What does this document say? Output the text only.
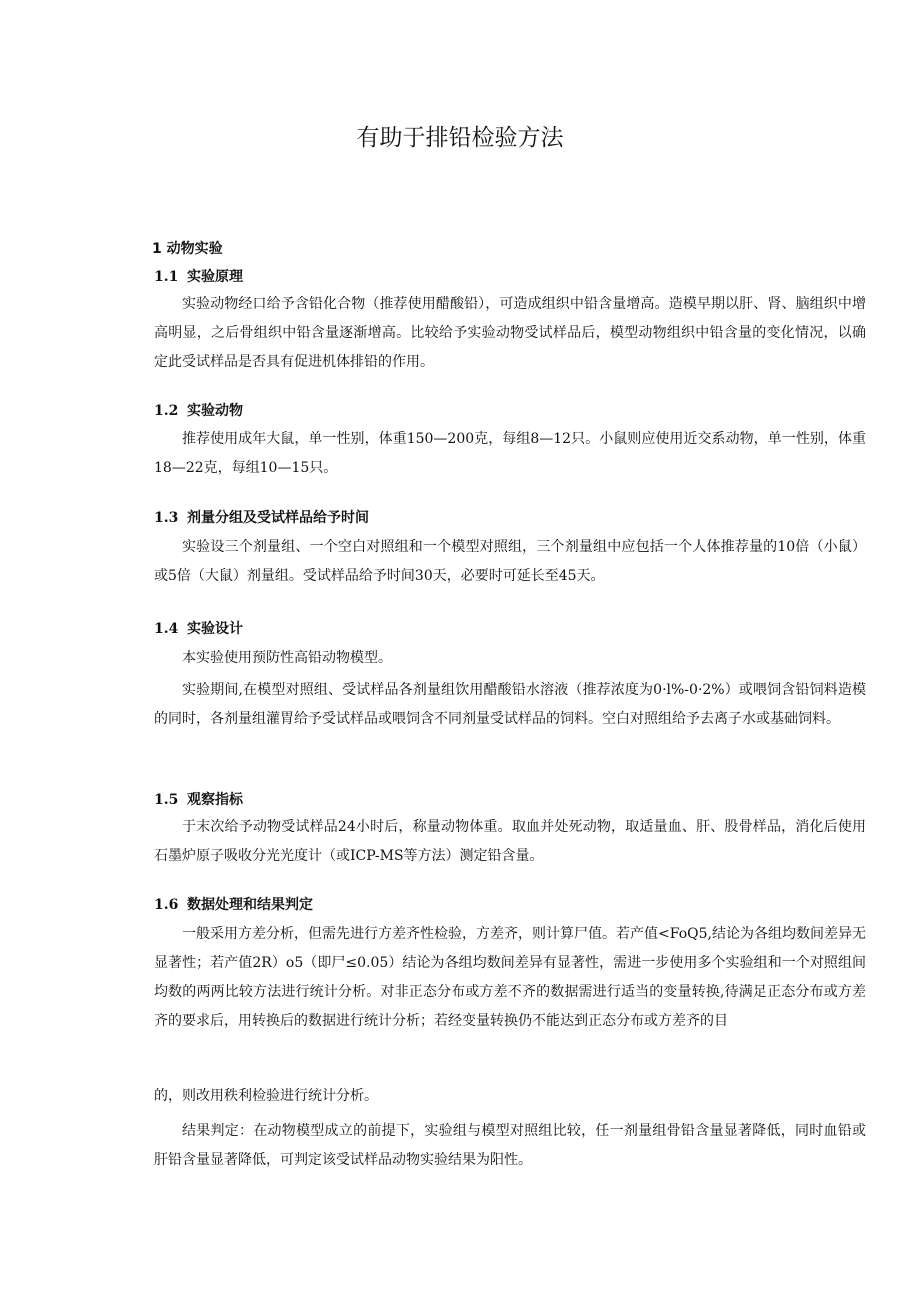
有助于排铅检验方法
1 动物实验
1.1 实验原理
实验动物经口给予含铅化合物（推荐使用醋酸铅），可造成组织中铅含量增高。造模早期以肝、肾、脑组织中增高明显，之后骨组织中铅含量逐渐增高。比较给予实验动物受试样品后，模型动物组织中铅含量的变化情况，以确定此受试样品是否具有促进机体排铅的作用。
1.2 实验动物
推荐使用成年大鼠，单一性别，体重150—200克，每组8—12只。小鼠则应使用近交系动物，单一性别，体重18—22克，每组10—15只。
1.3 剂量分组及受试样品给予时间
实验设三个剂量组、一个空白对照组和一个模型对照组，三个剂量组中应包括一个人体推荐量的10倍（小鼠）或5倍（大鼠）剂量组。受试样品给予时间30天，必要时可延长至45天。
1.4 实验设计
本实验使用预防性高铅动物模型。
实验期间,在模型对照组、受试样品各剂量组饮用醋酸铅水溶液（推荐浓度为0·l%-0·2%）或喂饲含铅饲料造模的同时，各剂量组灌胃给予受试样品或喂饲含不同剂量受试样品的饲料。空白对照组给予去离子水或基础饲料。
1.5 观察指标
于末次给予动物受试样品24小时后，称量动物体重。取血并处死动物，取适量血、肝、股骨样品，消化后使用石墨炉原子吸收分光光度计（或ICP-MS等方法）测定铅含量。
1.6 数据处理和结果判定
一般采用方差分析，但需先进行方差齐性检验，方差齐，则计算尸值。若产值<FoQ5,结论为各组均数间差异无显著性；若产值2R）o5（即尸≤0.05）结论为各组均数间差异有显著性，需进一步使用多个实验组和一个对照组间均数的两两比较方法进行统计分析。对非正态分布或方差不齐的数据需进行适当的变量转换,待满足正态分布或方差齐的要求后，用转换后的数据进行统计分析；若经变量转换仍不能达到正态分布或方差齐的目
的，则改用秩利检验进行统计分析。
结果判定：在动物模型成立的前提下，实验组与模型对照组比较，任一剂量组骨铅含量显著降低，同时血铅或肝铅含量显著降低，可判定该受试样品动物实验结果为阳性。
